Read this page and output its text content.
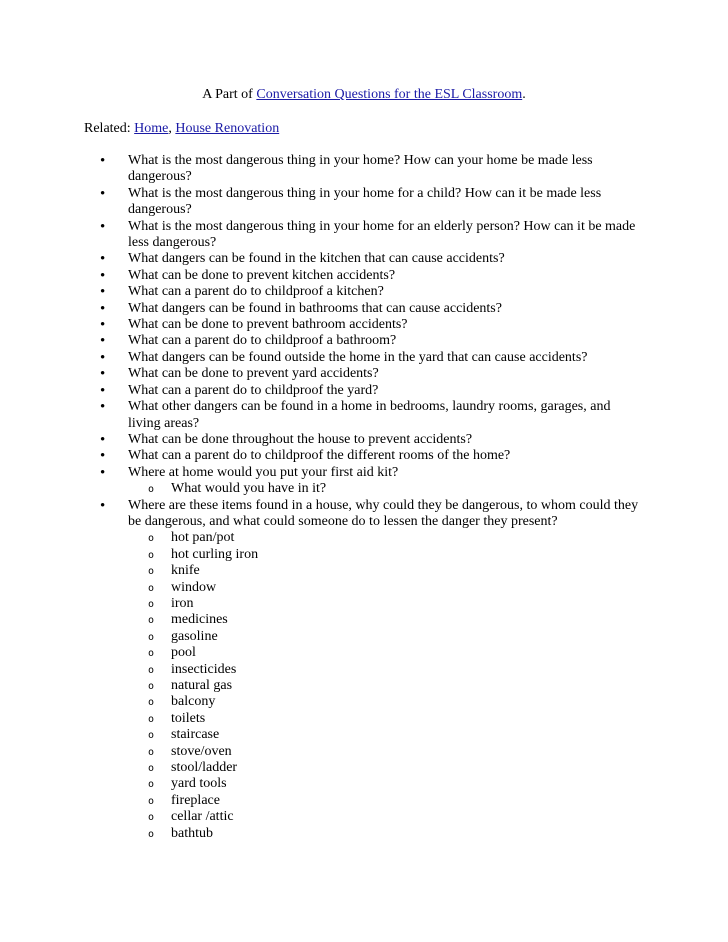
A Part of Conversation Questions for the ESL Classroom.
Related: Home, House Renovation
• What is the most dangerous thing in your home? How can your home be made less dangerous?
• What is the most dangerous thing in your home for a child? How can it be made less dangerous?
• What is the most dangerous thing in your home for an elderly person? How can it be made less dangerous?
• What dangers can be found in the kitchen that can cause accidents?
• What can be done to prevent kitchen accidents?
• What can a parent do to childproof a kitchen?
• What dangers can be found in bathrooms that can cause accidents?
• What can be done to prevent bathroom accidents?
• What can a parent do to childproof a bathroom?
• What dangers can be found outside the home in the yard that can cause accidents?
• What can be done to prevent yard accidents?
• What can a parent do to childproof the yard?
• What other dangers can be found in a home in bedrooms, laundry rooms, garages, and living areas?
• What can be done throughout the house to prevent accidents?
• What can a parent do to childproof the different rooms of the home?
• Where at home would you put your first aid kit?
o What would you have in it?
• Where are these items found in a house, why could they be dangerous, to whom could they be dangerous, and what could someone do to lessen the danger they present?
o hot pan/pot
o hot curling iron
o knife
o window
o iron
o medicines
o gasoline
o pool
o insecticides
o natural gas
o balcony
o toilets
o staircase
o stove/oven
o stool/ladder
o yard tools
o fireplace
o cellar /attic
o bathtub
